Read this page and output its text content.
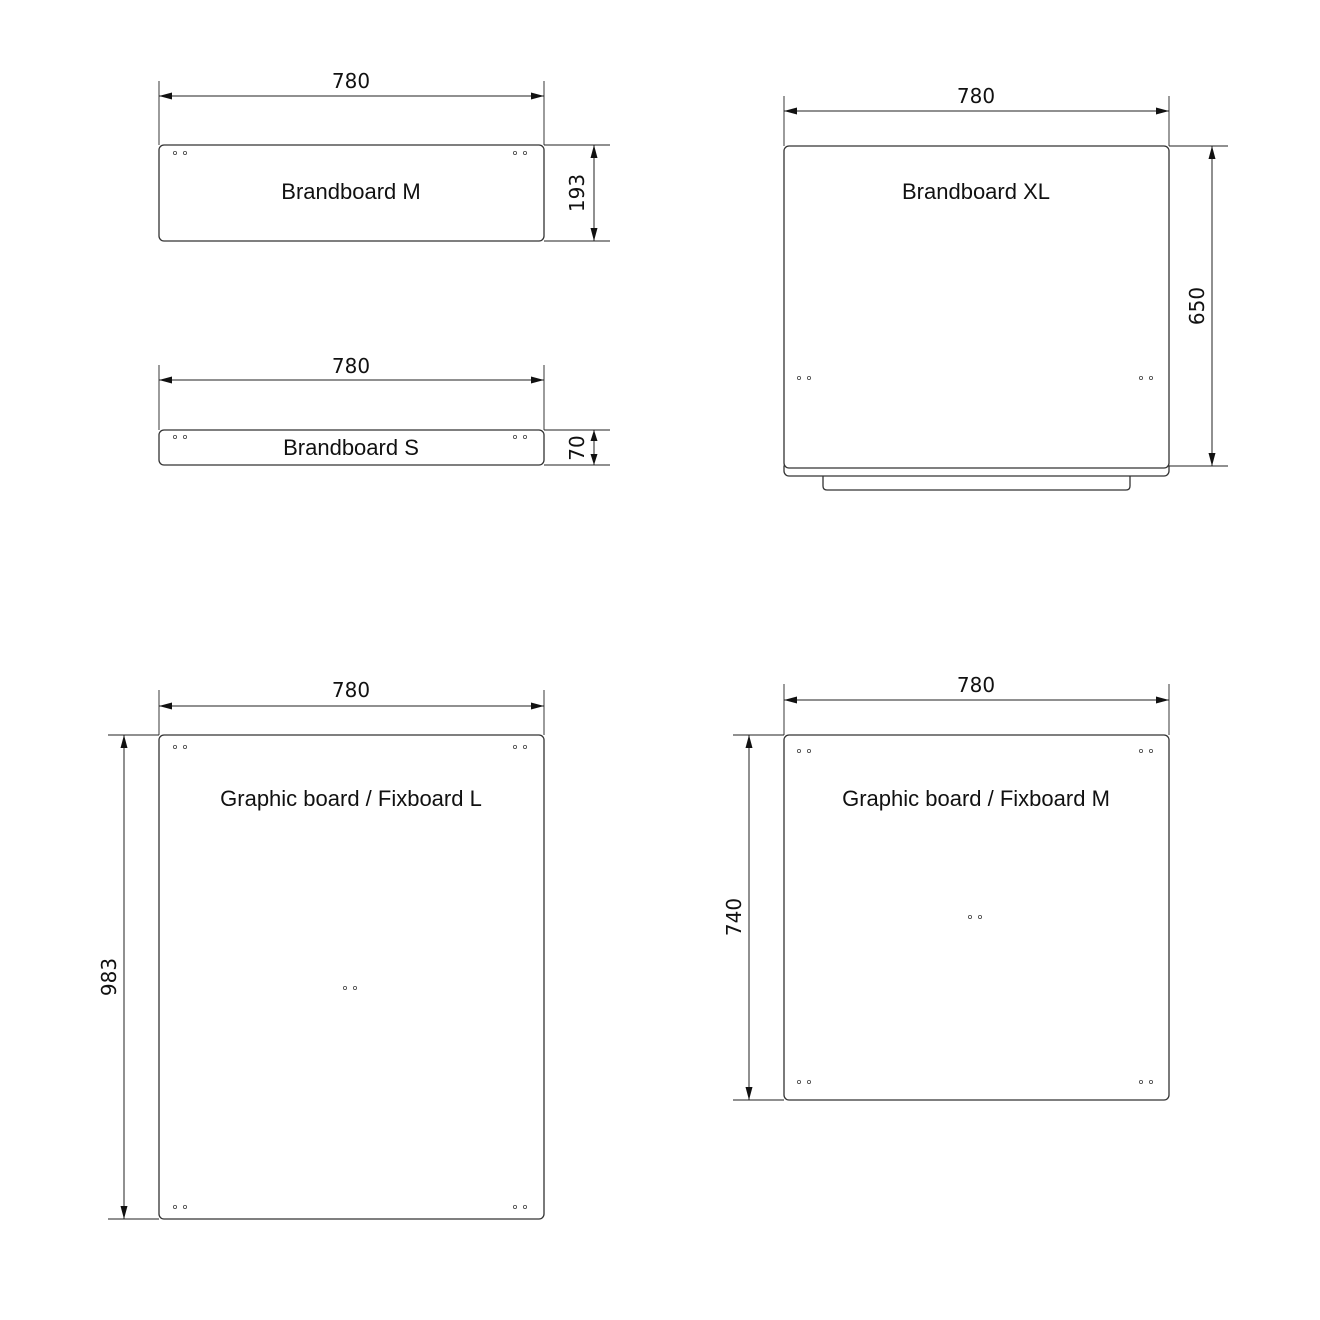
780
Brandboard M	193
780
Brandboard S	70
780
Brandboard XL
650
780
Graphic board / Fixboard L
983
780
Graphic board / Fixboard M
740
